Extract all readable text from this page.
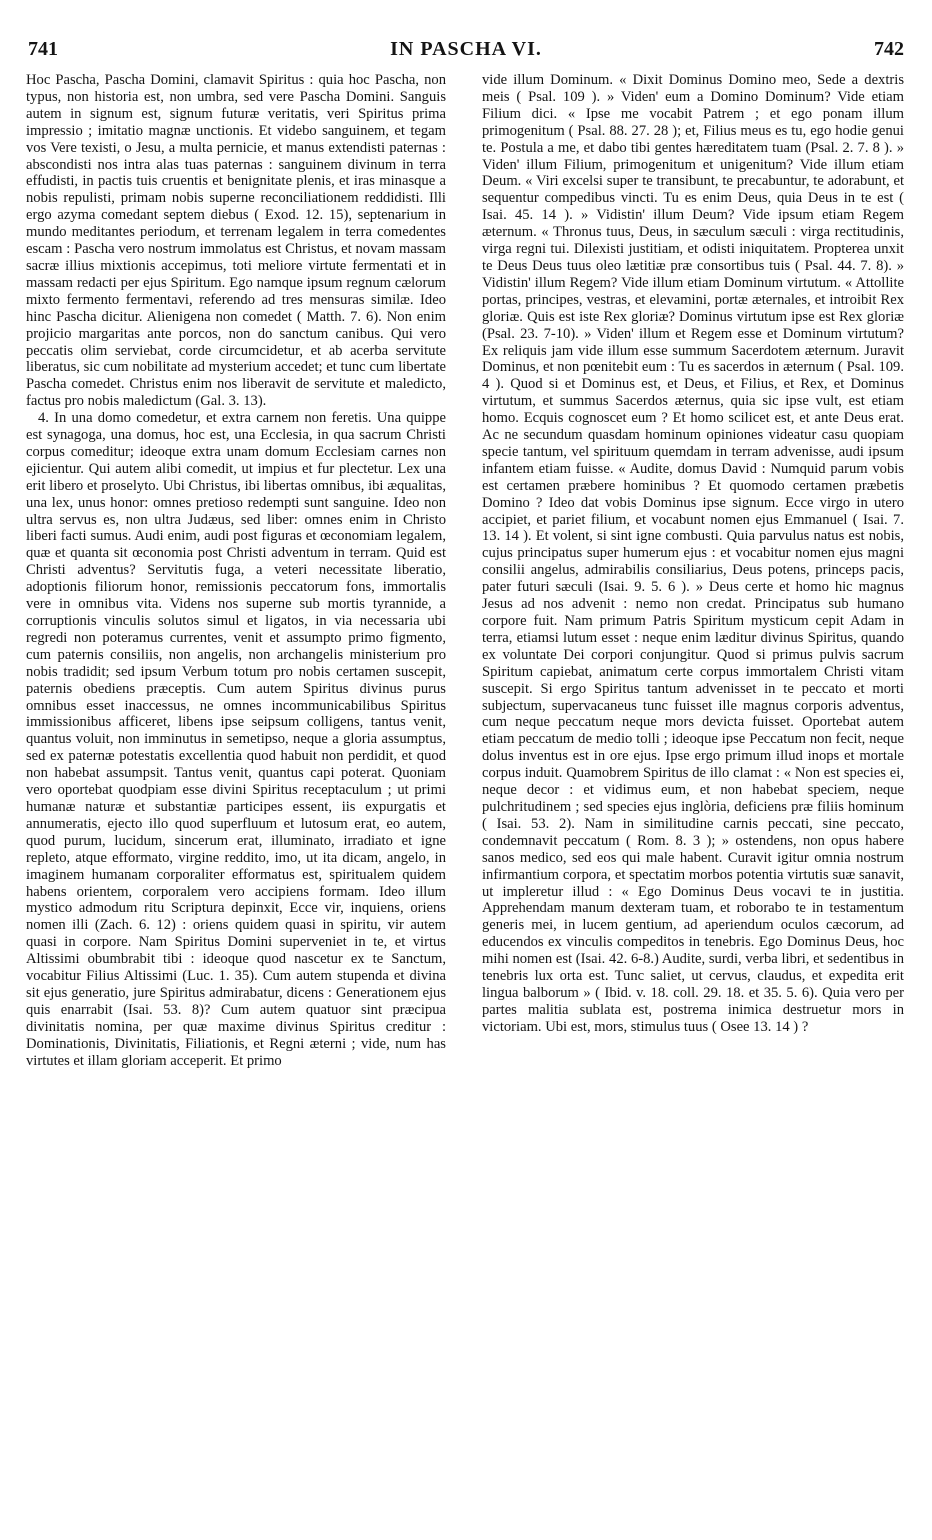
741	IN PASCHA VI.	742

Hoc Pascha, Pascha Domini, clamavit Spiritus : quia hoc Pascha, non typus, non historia est, non umbra, sed vere Pascha Domini. Sanguis autem in signum est, signum futuræ veritatis, veri Spiritus prima impressio ; imitatio magnæ unctionis. Et videbo sanguinem, et tegam vos Vere texisti, o Jesu, a multa pernicie, et manus extendisti paternas : abscondisti nos intra alas tuas paternas : sanguinem divinum in terra effudisti, in pactis tuis cruentis et benignitate plenis, et iras minasque a nobis repulisti, primam nobis superne reconciliationem reddidisti. Illi ergo azyma comedant septem diebus ( Exod. 12. 15), septenarium in mundo meditantes periodum, et terrenam legalem in terra comedentes escam : Pascha vero nostrum immolatus est Christus, et novam massam sacræ illius mixtionis accepimus, toti meliore virtute fermentati et in massam redacti per ejus Spiritum. Ego namque ipsum regnum cælorum mixto fermento fermentavi, referendo ad tres mensuras similæ. Ideo hinc Pascha dicitur. Alienigena non comedet ( Matth. 7. 6). Non enim projicio margaritas ante porcos, non do sanctum canibus. Qui vero peccatis olim serviebat, corde circumcidetur, et ab acerba servitute liberatus, sic cum nobilitate ad mysterium accedet; et tunc cum libertate Pascha comedet. Christus enim nos liberavit de servitute et maledicto, factus pro nobis maledictum (Gal. 3. 13).

4. In una domo comedetur, et extra carnem non feretis. Una quippe est synagoga, una domus, hoc est, una Ecclesia, in qua sacrum Christi corpus comeditur; ideoque extra unam domum Ecclesiam carnes non ejicientur. Qui autem alibi comedit, ut impius et fur plectetur. Lex una erit libero et proselyto. Ubi Christus, ibi libertas omnibus, ibi æqualitas, una lex, unus honor: omnes pretioso redempti sunt sanguine. Ideo non ultra servus es, non ultra Judæus, sed liber: omnes enim in Christo liberi facti sumus. Audi enim, audi post figuras et œconomiam legalem, quæ et quanta sit œconomia post Christi adventum in terram. Quid est Christi adventus? Servitutis fuga, a veteri necessitate liberatio, adoptionis filiorum honor, remissionis peccatorum fons, immortalis vere in omnibus vita. Videns nos superne sub mortis tyrannide, a corruptionis vinculis solutos simul et ligatos, in via necessaria ubi regredi non poteramus currentes, venit et assumpto primo figmento, cum paternis consiliis, non angelis, non archangelis ministerium pro nobis tradidit; sed ipsum Verbum totum pro nobis certamen suscepit, paternis obediens præceptis. Cum autem Spiritus divinus purus omnibus esset inaccessus, ne omnes incommunicabilibus Spiritus immissionibus afficeret, libens ipse seipsum colligens, tantus venit, quantus voluit, non imminutus in semetipso, neque a gloria assumptus, sed ex paternæ potestatis excellentia quod habuit non perdidit, et quod non habebat assumpsit. Tantus venit, quantus capi poterat. Quoniam vero oportebat quodpiam esse divini Spiritus receptaculum ; ut primi humanæ naturæ et substantiæ participes essent, iis expurgatis et annumeratis, ejecto illo quod superfluum et lutosum erat, eo autem, quod purum, lucidum, sincerum erat, illuminato, irradiato et igne repleto, atque efformato, virgine reddito, imo, ut ita dicam, angelo, in imaginem humanam corporaliter efformatus est, spiritualem quidem habens orientem, corporalem vero accipiens formam. Ideo illum mystico admodum ritu Scriptura depinxit, Ecce vir, inquiens, oriens nomen illi (Zach. 6. 12) : oriens quidem quasi in spiritu, vir autem quasi in corpore. Nam Spiritus Domini superveniet in te, et virtus Altissimi obumbrabit tibi : ideoque quod nascetur ex te Sanctum, vocabitur Filius Altissimi (Luc. 1. 35). Cum autem stupenda et divina sit ejus generatio, jure Spiritus admirabatur, dicens : Generationem ejus quis enarrabit (Isai. 53. 8)? Cum autem quatuor sint præcipua divinitatis nomina, per quæ maxime divinus Spiritus creditur : Dominationis, Divinitatis, Filiationis, et Regni æterni ; vide, num has virtutes et illam gloriam acceperit. Et primo

vide illum Dominum. « Dixit Dominus Domino meo, Sede a dextris meis ( Psal. 109 ). » Viden' eum a Domino Dominum? Vide etiam Filium dici. « Ipse me vocabit Patrem ; et ego ponam illum primogenitum ( Psal. 88. 27. 28 ); et, Filius meus es tu, ego hodie genui te. Postula a me, et dabo tibi gentes hæreditatem tuam (Psal. 2. 7. 8 ). » Viden' illum Filium, primogenitum et unigenitum? Vide illum etiam Deum. « Viri excelsi super te transibunt, te precabuntur, te adorabunt, et sequentur compedibus vincti. Tu es enim Deus, quia Deus in te est ( Isai. 45. 14 ). » Vidistin' illum Deum? Vide ipsum etiam Regem æternum. « Thronus tuus, Deus, in sæculum sæculi : virga rectitudinis, virga regni tui. Dilexisti justitiam, et odisti iniquitatem. Propterea unxit te Deus Deus tuus oleo lætitiæ præ consortibus tuis ( Psal. 44. 7. 8). » Vidistin' illum Regem? Vide illum etiam Dominum virtutum. « Attollite portas, principes, vestras, et elevamini, portæ æternales, et introibit Rex gloriæ. Quis est iste Rex gloriæ? Dominus virtutum ipse est Rex gloriæ (Psal. 23. 7-10). » Viden' illum et Regem esse et Dominum virtutum? Ex reliquis jam vide illum esse summum Sacerdotem æternum. Juravit Dominus, et non pœnitebit eum : Tu es sacerdos in æternum ( Psal. 109. 4 ). Quod si et Dominus est, et Deus, et Filius, et Rex, et Dominus virtutum, et summus Sacerdos æternus, quia sic ipse vult, est etiam homo. Ecquis cognoscet eum ? Et homo scilicet est, et ante Deus erat. Ac ne secundum quasdam hominum opiniones videatur casu quopiam specie tantum, vel spirituum quemdam in terram advenisse, audi ipsum infantem etiam fuisse. « Audite, domus David : Numquid parum vobis est certamen præbere hominibus ? Et quomodo certamen præbetis Domino ? Ideo dat vobis Dominus ipse signum. Ecce virgo in utero accipiet, et pariet filium, et vocabunt nomen ejus Emmanuel ( Isai. 7. 13. 14 ). Et volent, si sint igne combusti. Quia parvulus natus est nobis, cujus principatus super humerum ejus : et vocabitur nomen ejus magni consilii angelus, admirabilis consiliarius, Deus potens, princeps pacis, pater futuri sæculi (Isai. 9. 5. 6 ). » Deus certe et homo hic magnus Jesus ad nos advenit : nemo non credat. Principatus sub humano corpore fuit. Nam primum Patris Spiritum mysticum cepit Adam in terra, etiamsi lutum esset : neque enim læditur divinus Spiritus, quando ex voluntate Dei corpori conjungitur. Quod si primus pulvis sacrum Spiritum capiebat, animatum certe corpus immortalem Christi vitam suscepit. Si ergo Spiritus tantum advenisset in te peccato et morti subjectum, supervacaneus tunc fuisset ille magnus corporis adventus, cum neque peccatum neque mors devicta fuisset. Oportebat autem etiam peccatum de medio tolli ; ideoque ipse Peccatum non fecit, neque dolus inventus est in ore ejus. Ipse ergo primum illud inops et mortale corpus induit. Quamobrem Spiritus de illo clamat : « Non est species ei, neque decor : et vidimus eum, et non habebat speciem, neque pulchritudinem ; sed species ejus inglòria, deficiens præ filiis hominum ( Isai. 53. 2). Nam in similitudine carnis peccati, sine peccato, condemnavit peccatum ( Rom. 8. 3 ); » ostendens, non opus habere sanos medico, sed eos qui male habent. Curavit igitur omnia nostrum infirmantium corpora, et spectatim morbos potentia virtutis suæ sanavit, ut impleretur illud : « Ego Dominus Deus vocavi te in justitia. Apprehendam manum dexteram tuam, et roborabo te in testamentum generis mei, in lucem gentium, ad aperiendum oculos cæcorum, ad educendos ex vinculis compeditos in tenebris. Ego Dominus Deus, hoc mihi nomen est (Isai. 42. 6-8.) Audite, surdi, verba libri, et sedentibus in tenebris lux orta est. Tunc saliet, ut cervus, claudus, et expedita erit lingua balborum » ( Ibid. v. 18. coll. 29. 18. et 35. 5. 6). Quia vero per partes malitia sublata est, postrema inimica destruetur mors in victoriam. Ubi est, mors, stimulus tuus ( Osee 13. 14 ) ?
